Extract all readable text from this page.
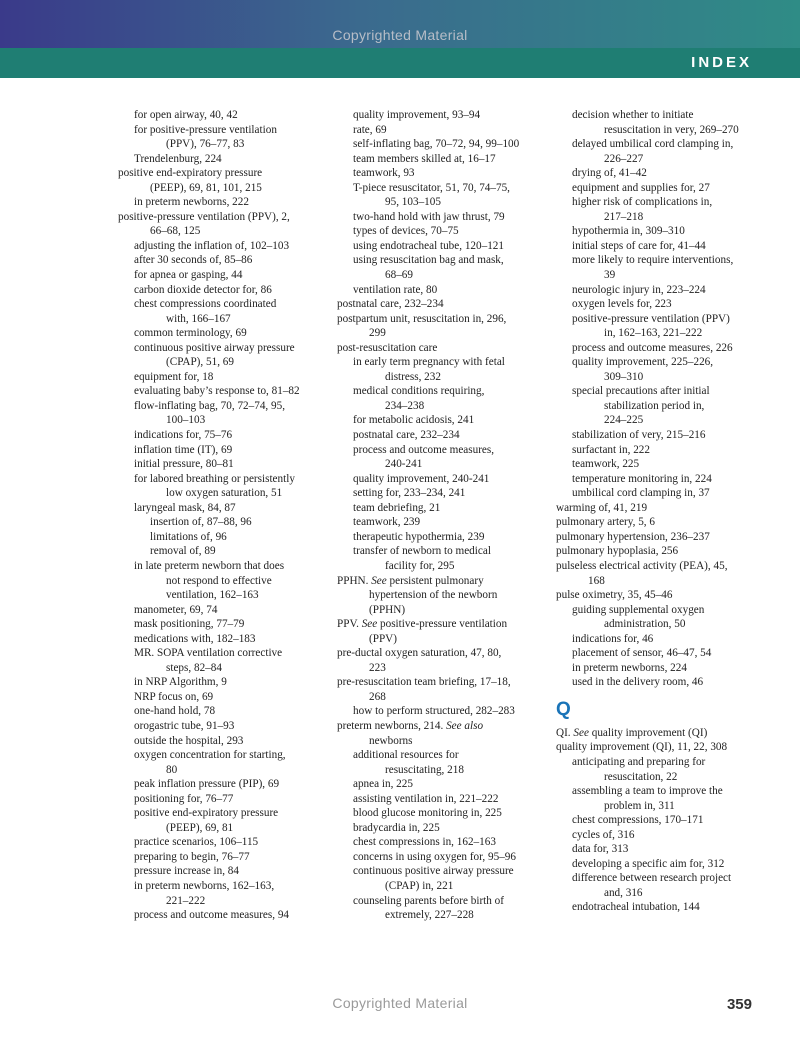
Copyrighted Material
INDEX
for open airway, 40, 42
for positive-pressure ventilation
(PPV), 76–77, 83
Trendelenburg, 224
positive end-expiratory pressure
(PEEP), 69, 81, 101, 215
in preterm newborns, 222
positive-pressure ventilation (PPV), 2,
66–68, 125
adjusting the inflation of, 102–103
after 30 seconds of, 85–86
for apnea or gasping, 44
carbon dioxide detector for, 86
chest compressions coordinated
with, 166–167
common terminology, 69
continuous positive airway pressure
(CPAP), 51, 69
equipment for, 18
evaluating baby’s response to, 81–82
flow-inflating bag, 70, 72–74, 95,
100–103
indications for, 75–76
inflation time (IT), 69
initial pressure, 80–81
for labored breathing or persistently
low oxygen saturation, 51
laryngeal mask, 84, 87
insertion of, 87–88, 96
limitations of, 96
removal of, 89
in late preterm newborn that does
not respond to effective
ventilation, 162–163
manometer, 69, 74
mask positioning, 77–79
medications with, 182–183
MR. SOPA ventilation corrective
steps, 82–84
in NRP Algorithm, 9
NRP focus on, 69
one-hand hold, 78
orogastric tube, 91–93
outside the hospital, 293
oxygen concentration for starting,
80
peak inflation pressure (PIP), 69
positioning for, 76–77
positive end-expiratory pressure
(PEEP), 69, 81
practice scenarios, 106–115
preparing to begin, 76–77
pressure increase in, 84
in preterm newborns, 162–163,
221–222
process and outcome measures, 94
quality improvement, 93–94
rate, 69
self-inflating bag, 70–72, 94, 99–100
team members skilled at, 16–17
teamwork, 93
T-piece resuscitator, 51, 70, 74–75,
95, 103–105
two-hand hold with jaw thrust, 79
types of devices, 70–75
using endotracheal tube, 120–121
using resuscitation bag and mask,
68–69
ventilation rate, 80
postnatal care, 232–234
postpartum unit, resuscitation in, 296,
299
post-resuscitation care
in early term pregnancy with fetal
distress, 232
medical conditions requiring,
234–238
for metabolic acidosis, 241
postnatal care, 232–234
process and outcome measures,
240-241
quality improvement, 240-241
setting for, 233–234, 241
team debriefing, 21
teamwork, 239
therapeutic hypothermia, 239
transfer of newborn to medical
facility for, 295
PPHN. See persistent pulmonary
hypertension of the newborn
(PPHN)
PPV. See positive-pressure ventilation
(PPV)
pre-ductal oxygen saturation, 47, 80,
223
pre-resuscitation team briefing, 17–18,
268
how to perform structured, 282–283
preterm newborns, 214. See also
newborns
additional resources for
resuscitating, 218
apnea in, 225
assisting ventilation in, 221–222
blood glucose monitoring in, 225
bradycardia in, 225
chest compressions in, 162–163
concerns in using oxygen for, 95–96
continuous positive airway pressure
(CPAP) in, 221
counseling parents before birth of
extremely, 227–228
decision whether to initiate
resuscitation in very, 269–270
delayed umbilical cord clamping in,
226–227
drying of, 41–42
equipment and supplies for, 27
higher risk of complications in,
217–218
hypothermia in, 309–310
initial steps of care for, 41–44
more likely to require interventions,
39
neurologic injury in, 223–224
oxygen levels for, 223
positive-pressure ventilation (PPV)
in, 162–163, 221–222
process and outcome measures, 226
quality improvement, 225–226,
309–310
special precautions after initial
stabilization period in,
224–225
stabilization of very, 215–216
surfactant in, 222
teamwork, 225
temperature monitoring in, 224
umbilical cord clamping in, 37
warming of, 41, 219
pulmonary artery, 5, 6
pulmonary hypertension, 236–237
pulmonary hypoplasia, 256
pulseless electrical activity (PEA), 45,
168
pulse oximetry, 35, 45–46
guiding supplemental oxygen
administration, 50
indications for, 46
placement of sensor, 46–47, 54
in preterm newborns, 224
used in the delivery room, 46
Q
QI. See quality improvement (QI)
quality improvement (QI), 11, 22, 308
anticipating and preparing for
resuscitation, 22
assembling a team to improve the
problem in, 311
chest compressions, 170–171
cycles of, 316
data for, 313
developing a specific aim for, 312
difference between research project
and, 316
endotracheal intubation, 144
Copyrighted Material	359
